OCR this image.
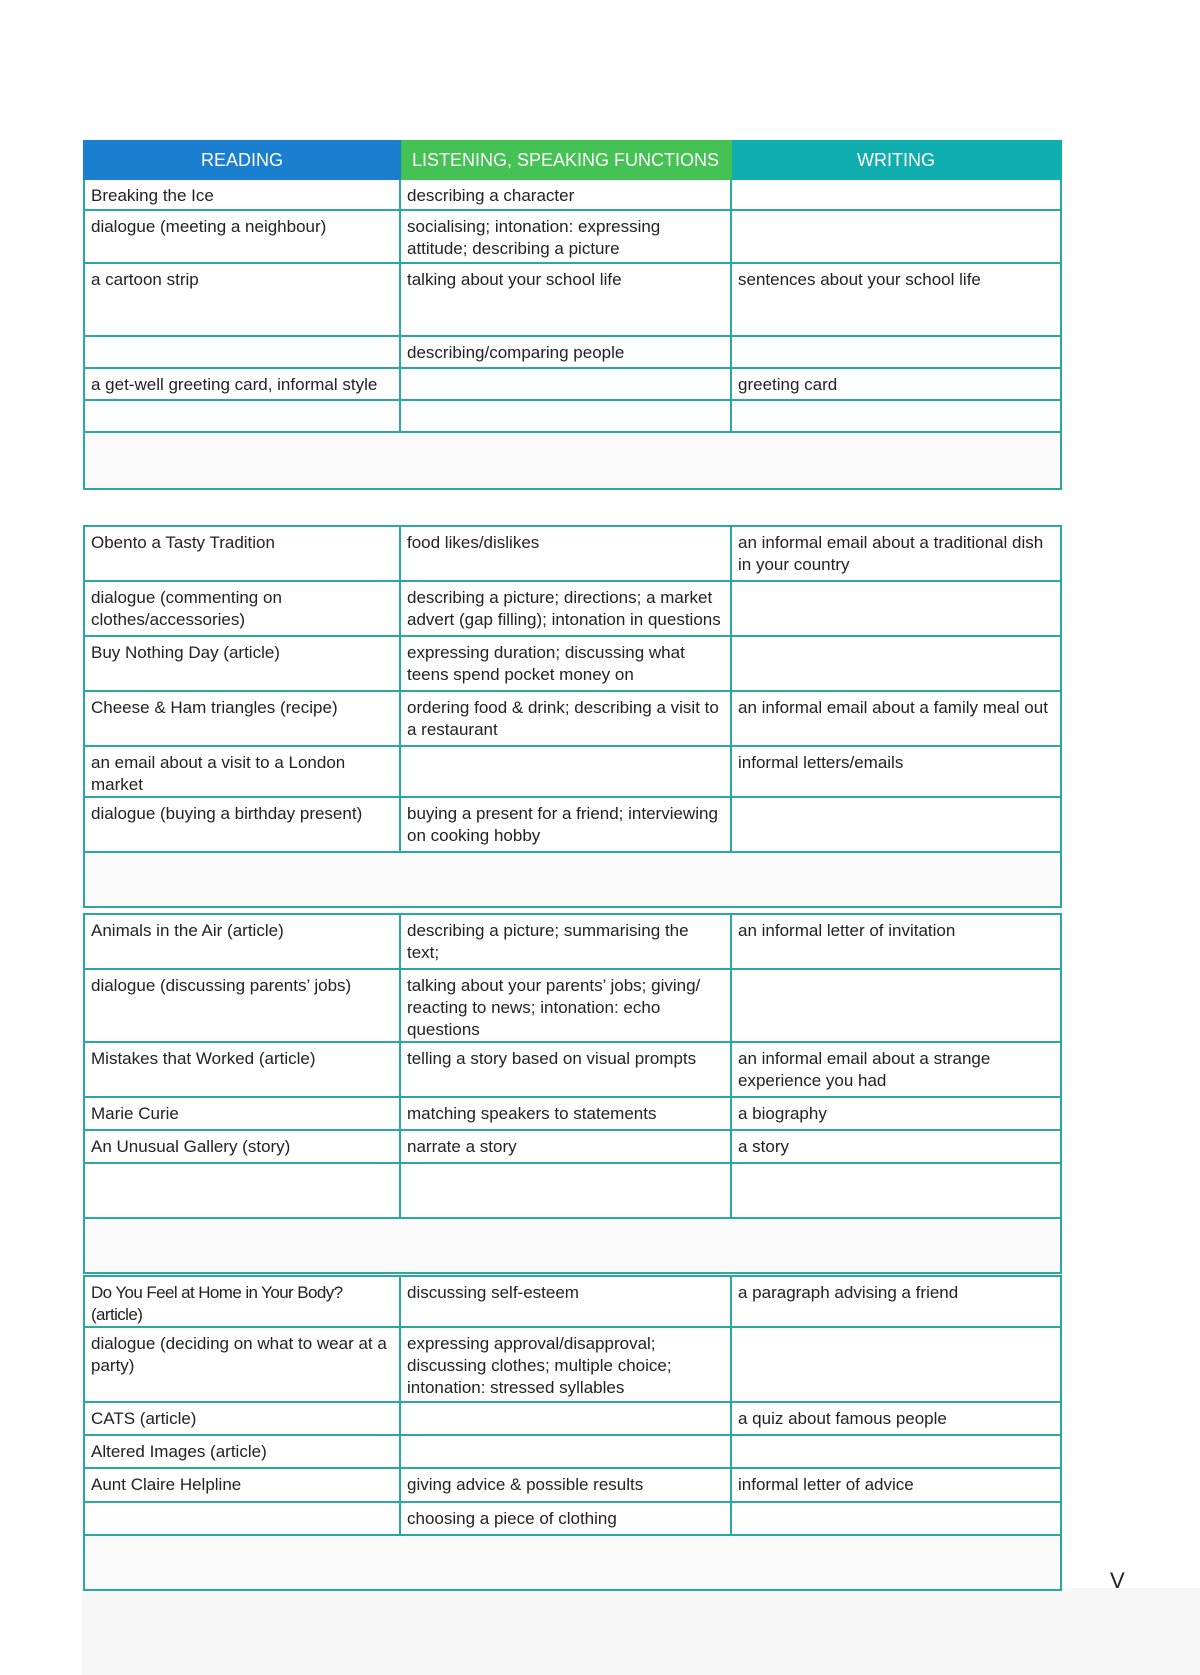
READING	LISTENING, SPEAKING FUNCTIONS	WRITING
Breaking the Ice	describing a character	
dialogue (meeting a neighbour)	socialising; intonation: expressing attitude; describing a picture	
a cartoon strip	talking about your school life	sentences about your school life
	describing/comparing people	
a get-well greeting card, informal style		greeting card

Obento a Tasty Tradition	food likes/dislikes	an informal email about a traditional dish in your country
dialogue (commenting on clothes/accessories)	describing a picture; directions; a market advert (gap filling); intonation in questions	
Buy Nothing Day (article)	expressing duration; discussing what teens spend pocket money on	
Cheese & Ham triangles (recipe)	ordering food & drink; describing a visit to a restaurant	an informal email about a family meal out
an email about a visit to a London market		informal letters/emails
dialogue (buying a birthday present)	buying a present for a friend; interviewing on cooking hobby	

Animals in the Air (article)	describing a picture; summarising the text;	an informal letter of invitation
dialogue (discussing parents’ jobs)	talking about your parents’ jobs; giving/ reacting to news; intonation: echo questions	
Mistakes that Worked (article)	telling a story based on visual prompts	an informal email about a strange experience you had
Marie Curie	matching speakers to statements	a biography
An Unusual Gallery (story)	narrate a story	a story

Do You Feel at Home in Your Body? (article)	discussing self-esteem	a paragraph advising a friend
dialogue (deciding on what to wear at a party)	expressing approval/disapproval; discussing clothes; multiple choice; intonation: stressed syllables	
CATS (article)		a quiz about famous people
Altered Images (article)		
Aunt Claire Helpline	giving advice & possible results	informal letter of advice
	choosing a piece of clothing	

V
